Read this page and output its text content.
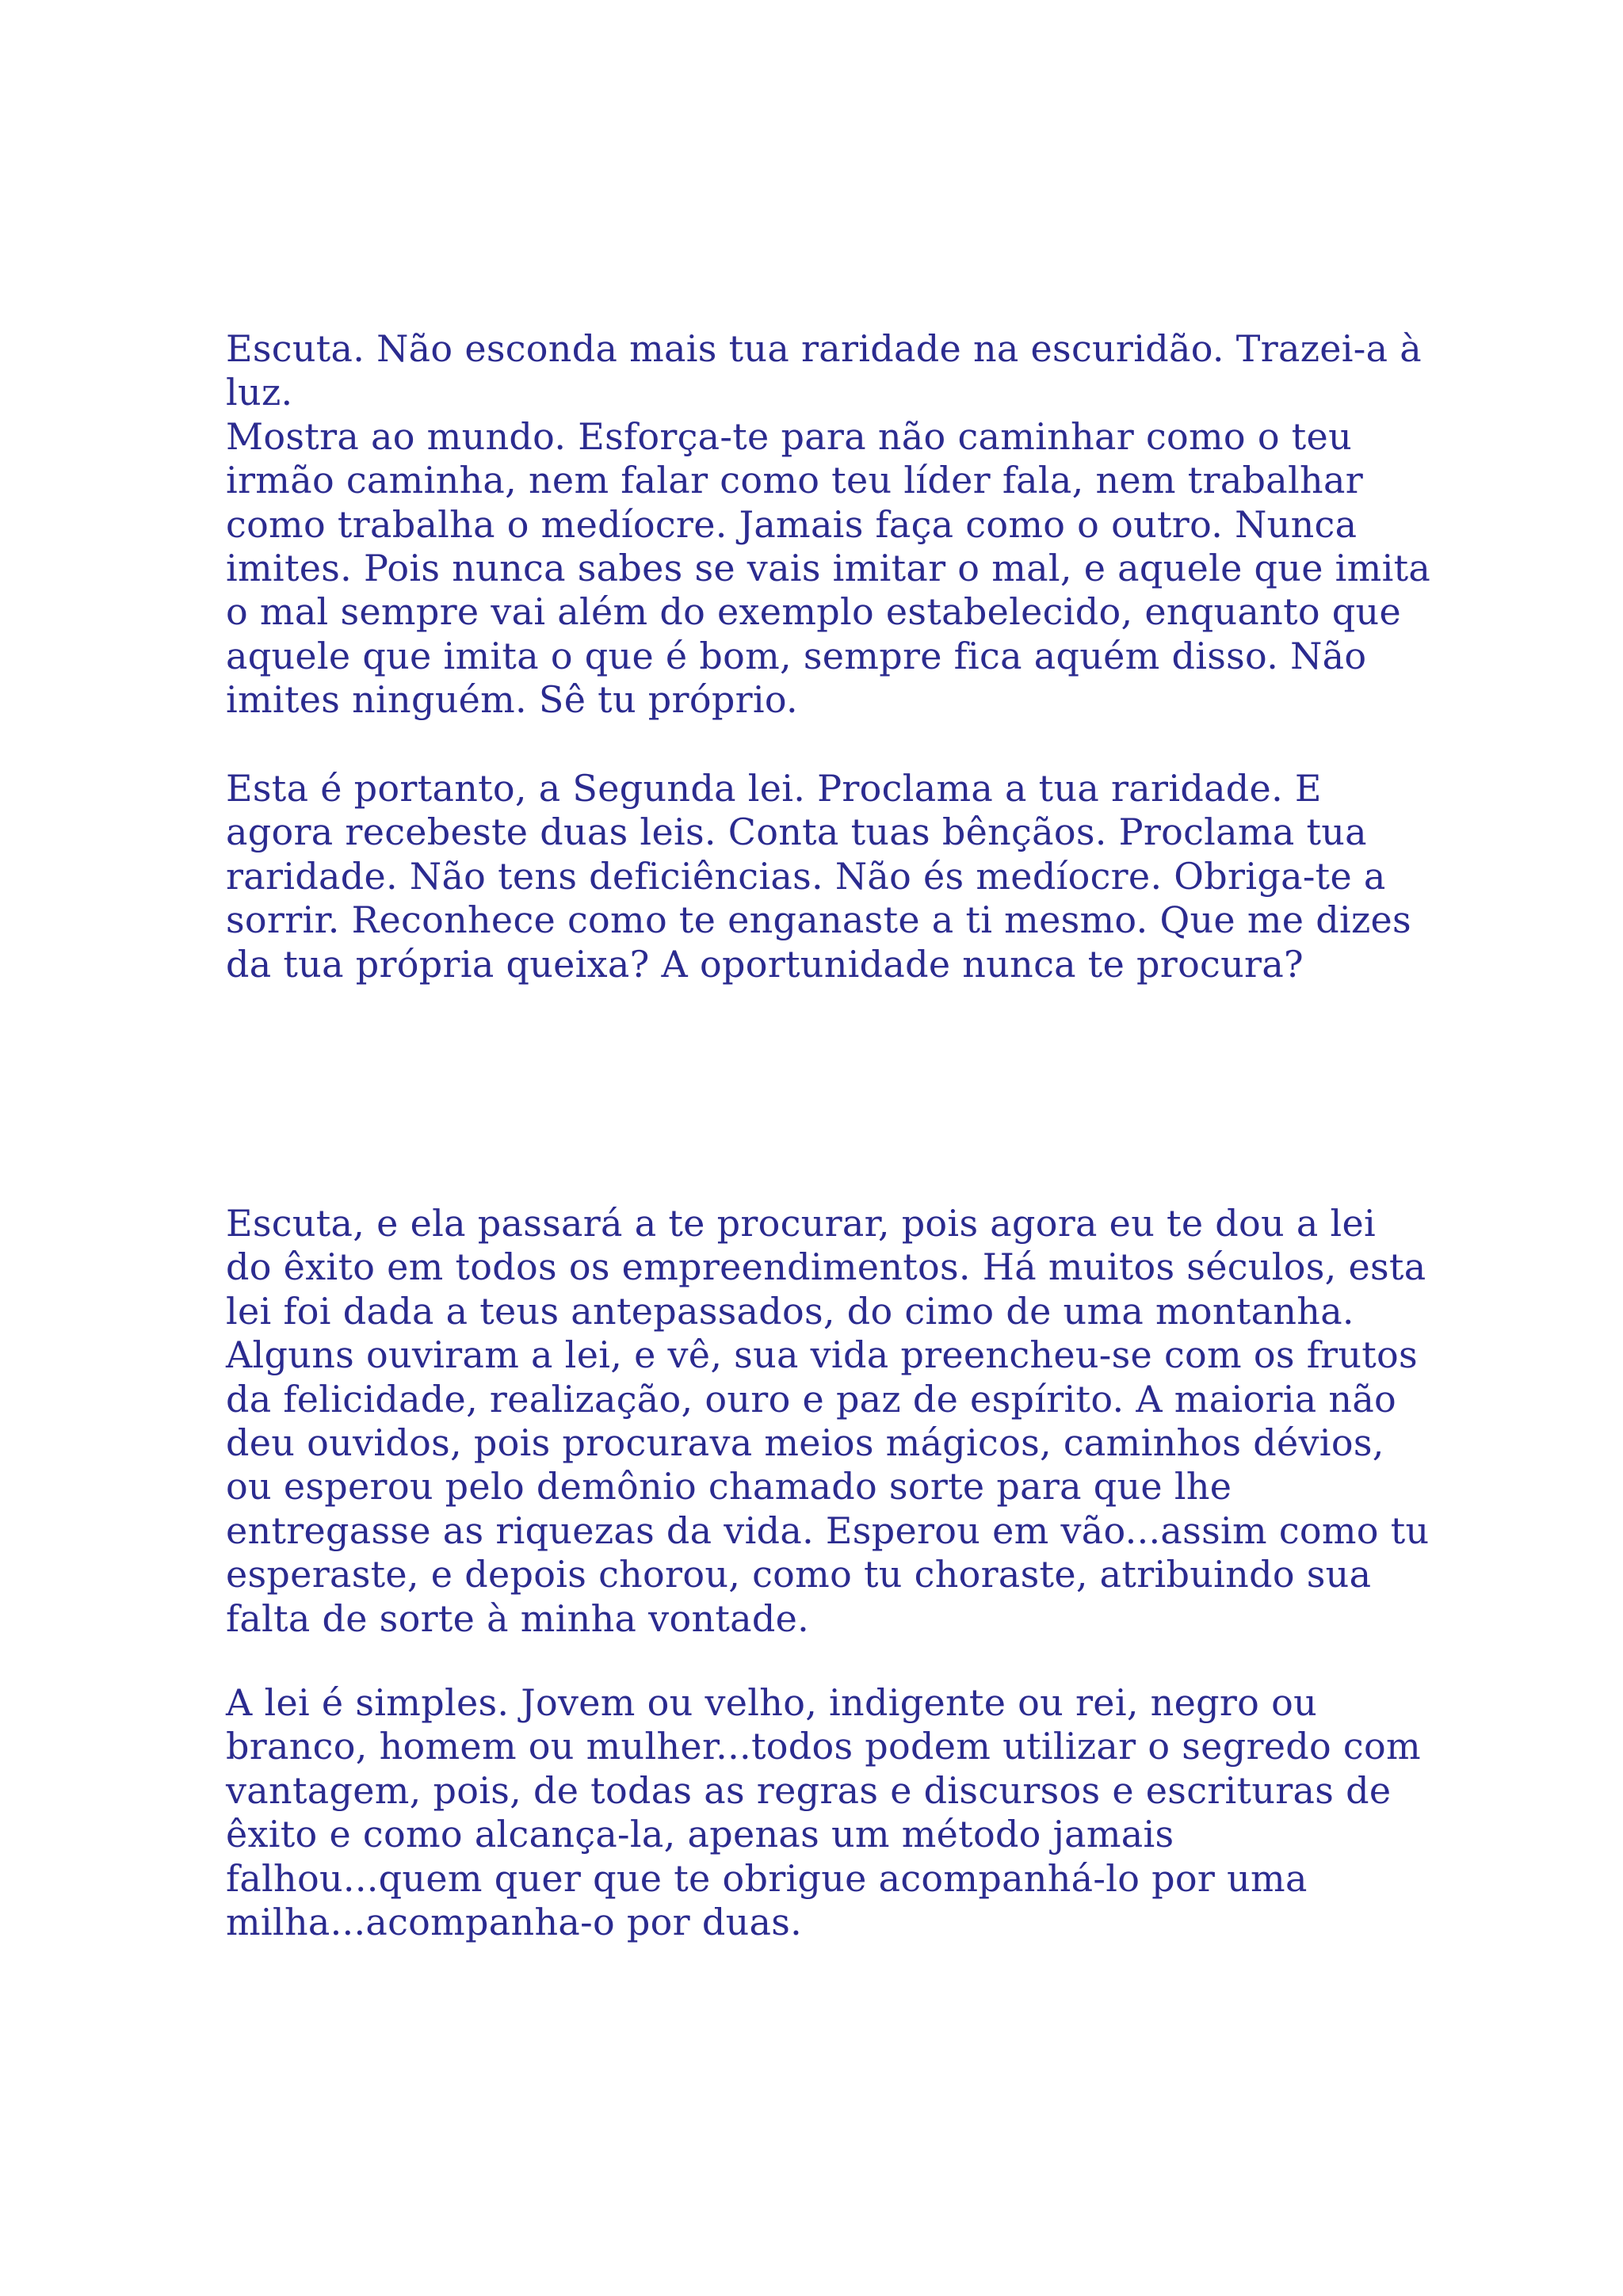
Escuta. Não esconda mais tua raridade na escuridão. Trazei-a à
luz.
Mostra ao mundo. Esforça-te para não caminhar como o teu
irmão caminha, nem falar como teu líder fala, nem trabalhar
como trabalha o medíocre. Jamais faça como o outro. Nunca
imites. Pois nunca sabes se vais imitar o mal, e aquele que imita
o mal sempre vai além do exemplo estabelecido, enquanto que
aquele que imita o que é bom, sempre fica aquém disso. Não
imites ninguém. Sê tu próprio.

Esta é portanto, a Segunda lei. Proclama a tua raridade. E
agora recebeste duas leis. Conta tuas bênçãos. Proclama tua
raridade. Não tens deficiências. Não és medíocre. Obriga-te a
sorrir. Reconhece como te enganaste a ti mesmo. Que me dizes
da tua própria queixa? A oportunidade nunca te procura?

Escuta, e ela passará a te procurar, pois agora eu te dou a lei
do êxito em todos os empreendimentos. Há muitos séculos, esta
lei foi dada a teus antepassados, do cimo de uma montanha.
Alguns ouviram a lei, e vê, sua vida preencheu-se com os frutos
da felicidade, realização, ouro e paz de espírito. A maioria não
deu ouvidos, pois procurava meios mágicos, caminhos dévios,
ou esperou pelo demônio chamado sorte para que lhe
entregasse as riquezas da vida. Esperou em vão...assim como tu
esperaste, e depois chorou, como tu choraste, atribuindo sua
falta de sorte à minha vontade.

A lei é simples. Jovem ou velho, indigente ou rei, negro ou
branco, homem ou mulher...todos podem utilizar o segredo com
vantagem, pois, de todas as regras e discursos e escrituras de
êxito e como alcança-la, apenas um método jamais
falhou...quem quer que te obrigue acompanhá-lo por uma
milha...acompanha-o por duas.
